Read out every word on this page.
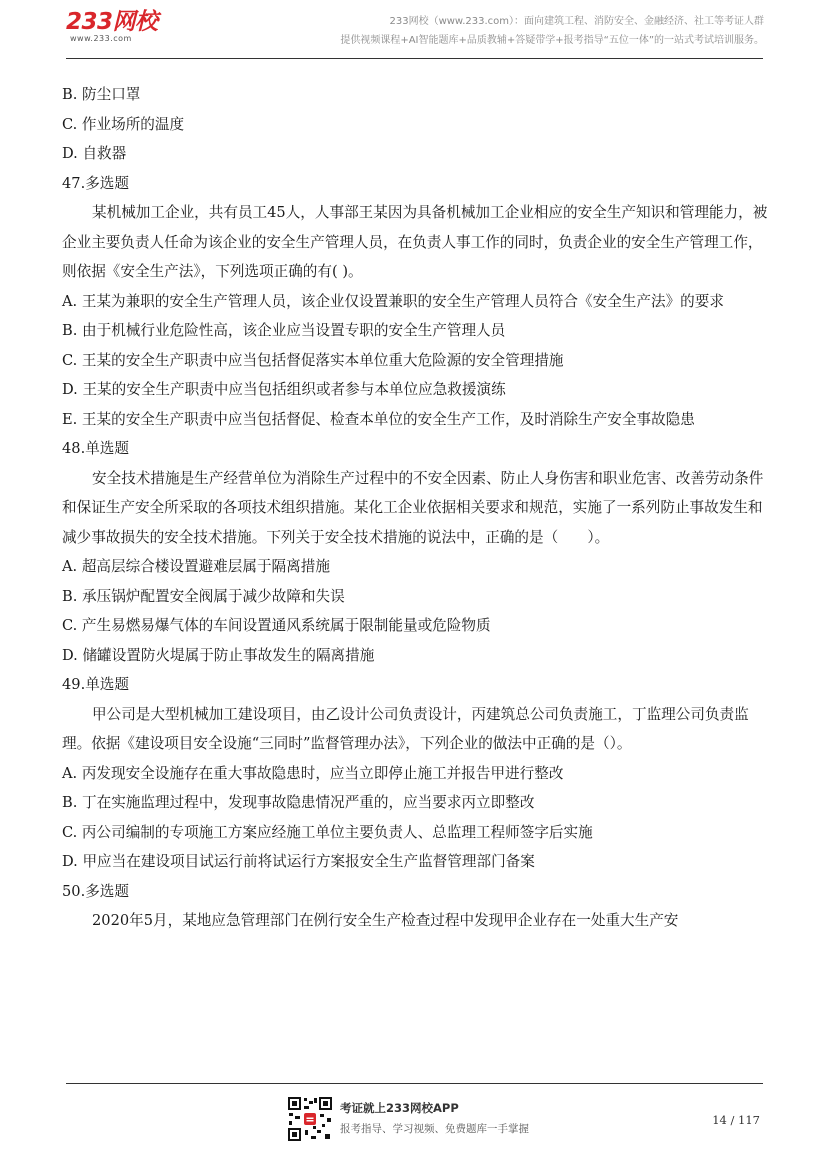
233网校
www.233.com
233网校（www.233.com）：面向建筑工程、消防安全、金融经济、社工等考证人群
提供视频课程+AI智能题库+品质教辅+答疑带学+报考指导“五位一体”的一站式考试培训服务。

B. 防尘口罩

C. 作业场所的温度

D. 自救器

47.多选题

某机械加工企业，共有员工45人，人事部王某因为具备机械加工企业相应的安全生产知识和管理能力，被企业主要负责人任命为该企业的安全生产管理人员，在负责人事工作的同时，负责企业的安全生产管理工作，则依据《安全生产法》，下列选项正确的有( )。

A. 王某为兼职的安全生产管理人员，该企业仅设置兼职的安全生产管理人员符合《安全生产法》的要求

B. 由于机械行业危险性高，该企业应当设置专职的安全生产管理人员

C. 王某的安全生产职责中应当包括督促落实本单位重大危险源的安全管理措施

D. 王某的安全生产职责中应当包括组织或者参与本单位应急救援演练

E. 王某的安全生产职责中应当包括督促、检查本单位的安全生产工作，及时消除生产安全事故隐患

48.单选题

安全技术措施是生产经营单位为消除生产过程中的不安全因素、防止人身伤害和职业危害、改善劳动条件和保证生产安全所采取的各项技术组织措施。某化工企业依据相关要求和规范，实施了一系列防止事故发生和减少事故损失的安全技术措施。下列关于安全技术措施的说法中，正确的是（　　）。

A. 超高层综合楼设置避难层属于隔离措施

B. 承压锅炉配置安全阀属于减少故障和失误

C. 产生易燃易爆气体的车间设置通风系统属于限制能量或危险物质

D. 储罐设置防火堤属于防止事故发生的隔离措施

49.单选题

甲公司是大型机械加工建设项目，由乙设计公司负责设计，丙建筑总公司负责施工，丁监理公司负责监理。依据《建设项目安全设施“三同时”监督管理办法》，下列企业的做法中正确的是（）。

A. 丙发现安全设施存在重大事故隐患时，应当立即停止施工并报告甲进行整改

B. 丁在实施监理过程中，发现事故隐患情况严重的，应当要求丙立即整改

C. 丙公司编制的专项施工方案应经施工单位主要负责人、总监理工程师签字后实施

D. 甲应当在建设项目试运行前将试运行方案报安全生产监督管理部门备案

50.多选题

2020年5月，某地应急管理部门在例行安全生产检查过程中发现甲企业存在一处重大生产安

考证就上233网校APP
报考指导、学习视频、免费题库一手掌握
14 / 117
